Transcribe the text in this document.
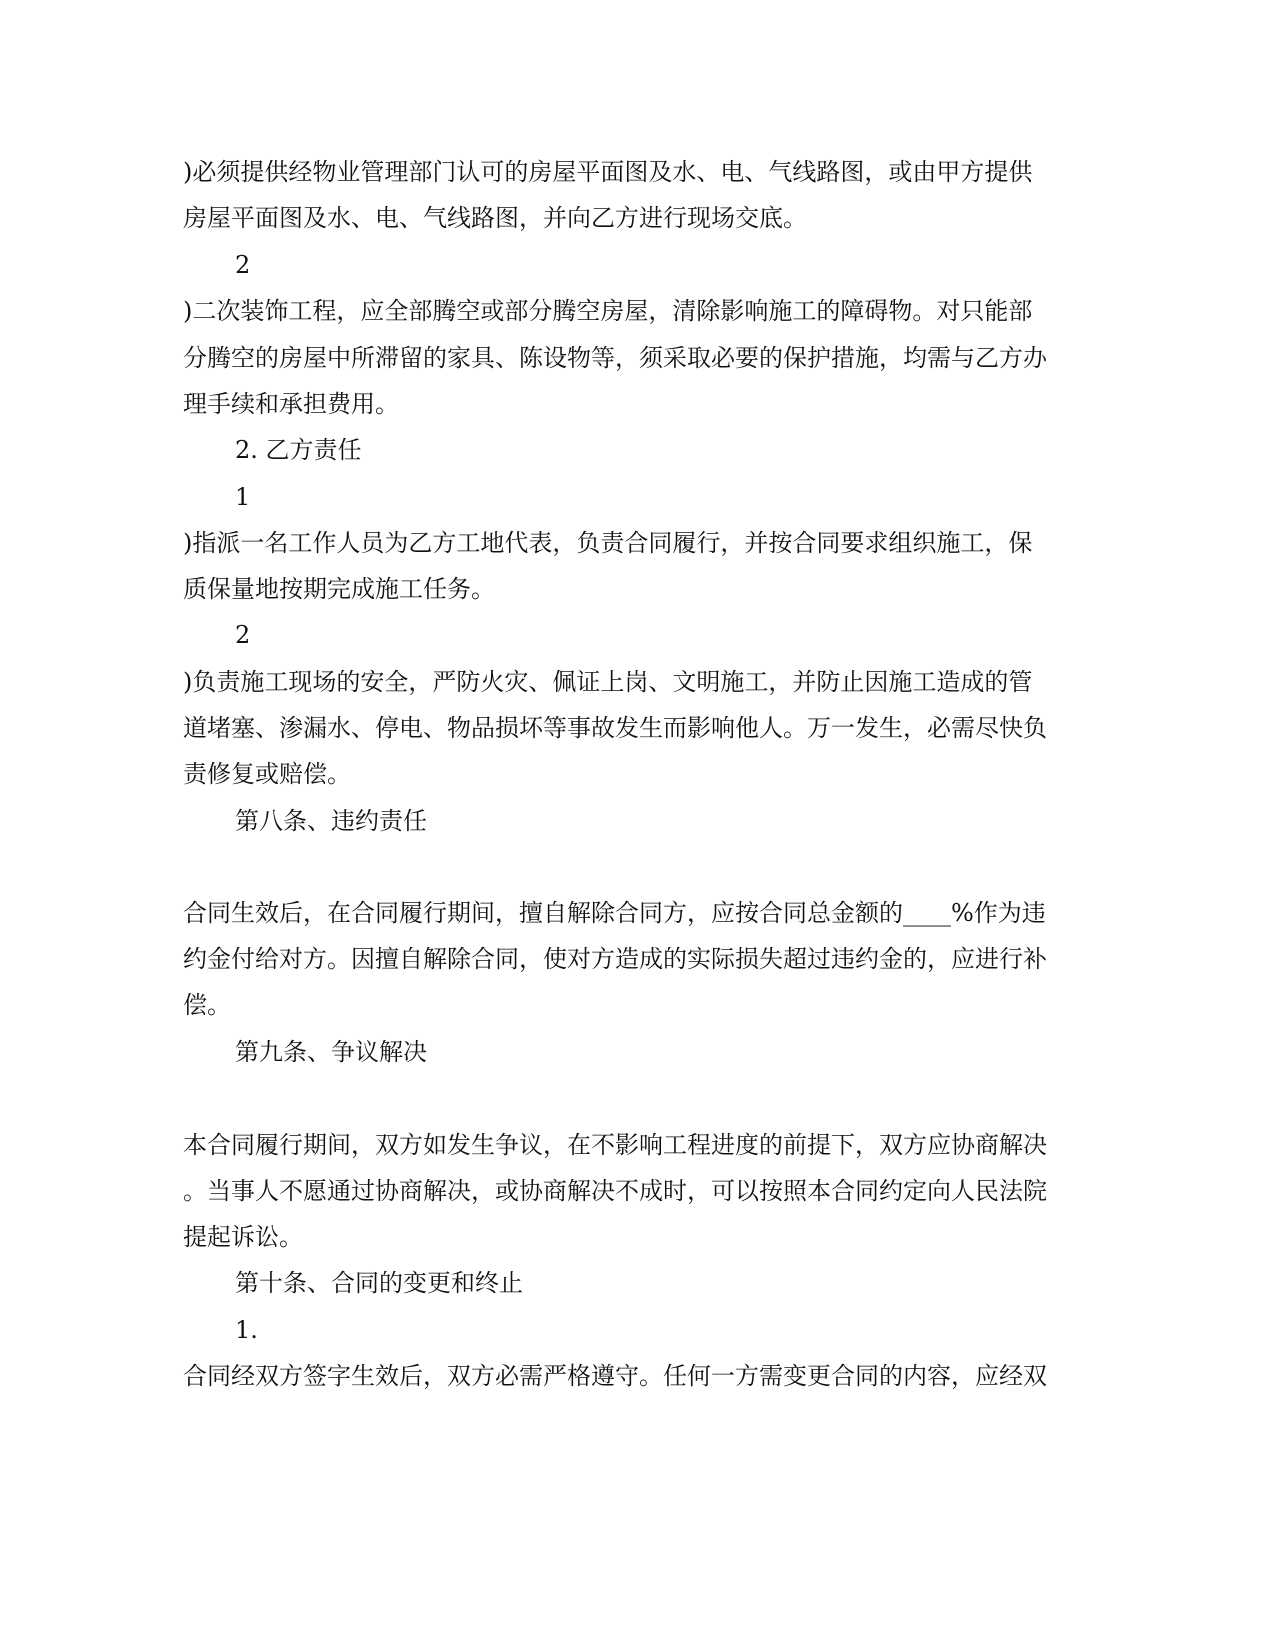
)必须提供经物业管理部门认可的房屋平面图及水、电、气线路图，或由甲方提供
房屋平面图及水、电、气线路图，并向乙方进行现场交底。
2
)二次装饰工程，应全部腾空或部分腾空房屋，清除影响施工的障碍物。对只能部
分腾空的房屋中所滞留的家具、陈设物等，须采取必要的保护措施，均需与乙方办
理手续和承担费用。
2. 乙方责任
1
)指派一名工作人员为乙方工地代表，负责合同履行，并按合同要求组织施工，保
质保量地按期完成施工任务。
2
)负责施工现场的安全，严防火灾、佩证上岗、文明施工，并防止因施工造成的管
道堵塞、渗漏水、停电、物品损坏等事故发生而影响他人。万一发生，必需尽快负
责修复或赔偿。
第八条、违约责任
合同生效后，在合同履行期间，擅自解除合同方，应按合同总金额的____%作为违
约金付给对方。因擅自解除合同，使对方造成的实际损失超过违约金的，应进行补
偿。
第九条、争议解决
本合同履行期间，双方如发生争议，在不影响工程进度的前提下，双方应协商解决
。当事人不愿通过协商解决，或协商解决不成时，可以按照本合同约定向人民法院
提起诉讼。
第十条、合同的变更和终止
1.
合同经双方签字生效后，双方必需严格遵守。任何一方需变更合同的内容，应经双
